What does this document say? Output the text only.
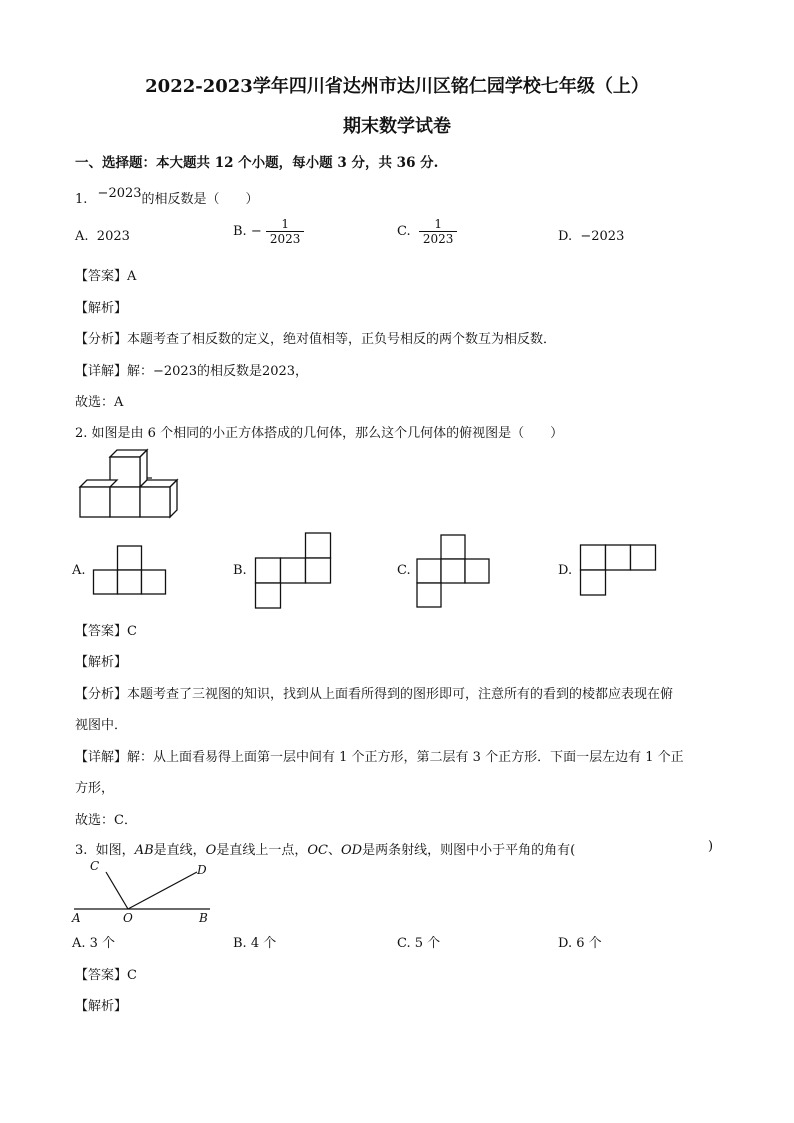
2022-2023学年四川省达州市达川区铭仁园学校七年级（上）
期末数学试卷
一、选择题：本大题共 12 个小题，每小题 3 分，共 36 分.
1. −2023的相反数是（　　）
A. 2023	B. − $\frac{1}{2023}$	C. $\frac{1}{2023}$	D. −2023
【答案】A
【解析】
【分析】本题考查了相反数的定义，绝对值相等，正负号相反的两个数互为相反数．
【详解】解：−2023的相反数是2023，
故选：A
2. 如图是由 6 个相同的小正方体搭成的几何体，那么这个几何体的俯视图是（　　）
A.	B.	C.	D.
【答案】C
【解析】
【分析】本题考查了三视图的知识，找到从上面看所得到的图形即可，注意所有的看到的棱都应表现在俯
视图中．
【详解】解：从上面看易得上面第一层中间有 1 个正方形，第二层有 3 个正方形．下面一层左边有 1 个正
方形，
故选：C．
3. 如图，AB是直线，O是直线上一点，OC、OD是两条射线，则图中小于平角的角有(	)
C	D
A	O	B
A. 3 个	B. 4 个	C. 5 个	D. 6 个
【答案】C
【解析】
